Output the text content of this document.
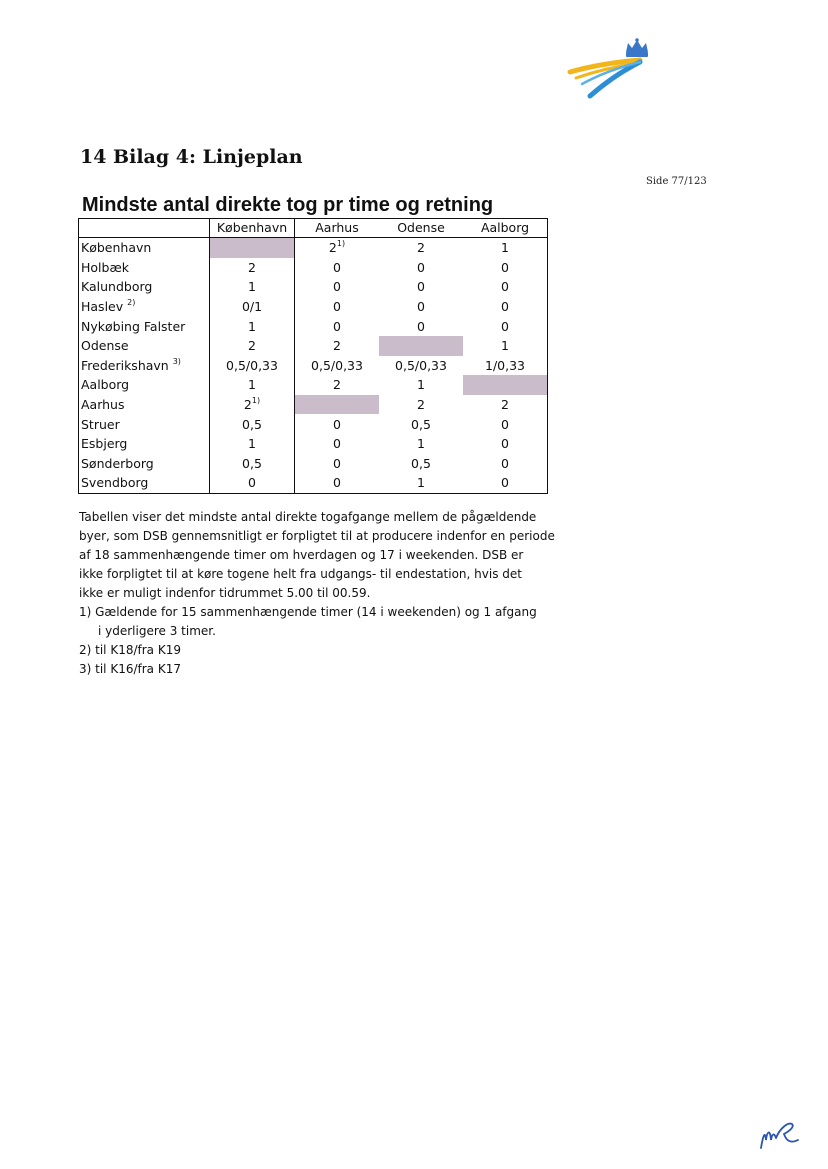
14 Bilag 4: Linjeplan
Side 77/123
Mindste antal direkte tog pr time og retning
	København	Aarhus	Odense	Aalborg
København		2$^{1)}$	2	1
Holbæk	2	0	0	0
Kalundborg	1	0	0	0
Haslev $^{2)}$	0/1	0	0	0
Nykøbing Falster	1	0	0	0
Odense	2	2		1
Frederikshavn $^{3)}$	0,5/0,33	0,5/0,33	0,5/0,33	1/0,33
Aalborg	1	2	1	
Aarhus	2$^{1)}$		2	2
Struer	0,5	0	0,5	0
Esbjerg	1	0	1	0
Sønderborg	0,5	0	0,5	0
Svendborg	0	0	1	0

Tabellen viser det mindste antal direkte togafgange mellem de pågældende

byer, som DSB gennemsnitligt er forpligtet til at producere indenfor en periode

af 18 sammenhængende timer om hverdagen og 17 i weekenden. DSB er

ikke forpligtet til at køre togene helt fra udgangs- til endestation, hvis det

ikke er muligt indenfor tidrummet 5.00 til 00.59.

1) Gældende for 15 sammenhængende timer (14 i weekenden) og 1 afgang

i yderligere 3 timer.

2) til K18/fra K19

3) til K16/fra K17
